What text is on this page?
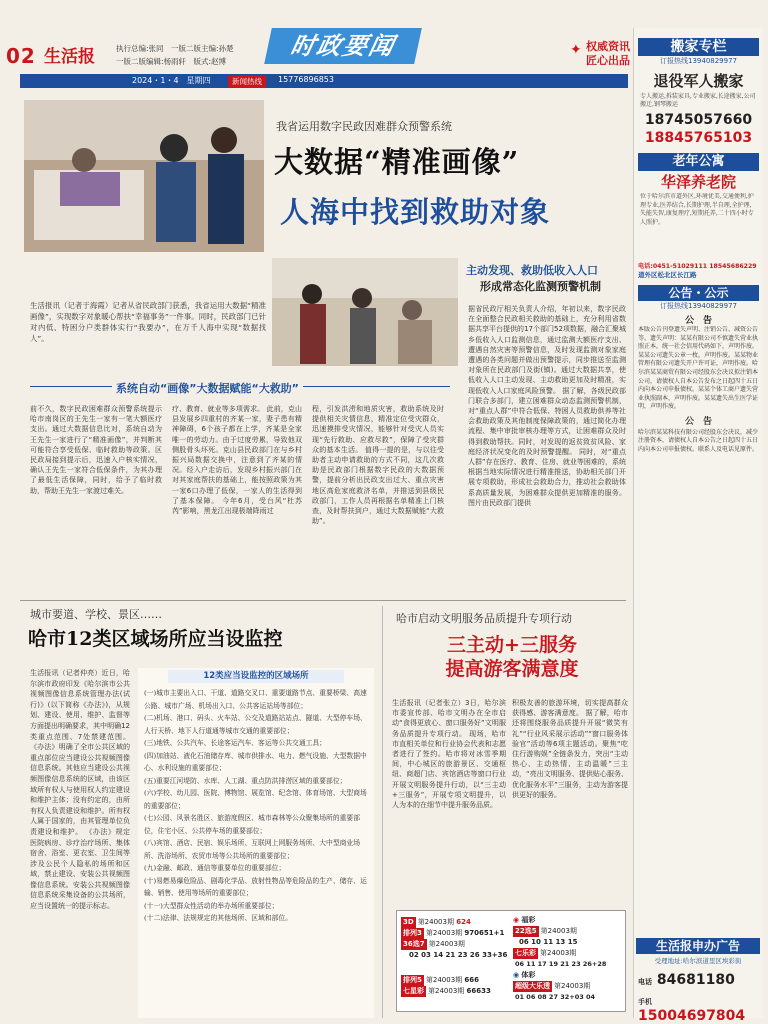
02 生活报	执行总编:张同　一版二版主编:孙楚
一版二版编辑:杨雨轩　版式:赵博
时政要闻	✦ 权威资讯
匠心出品
2024・1・4　星期四	新闻热线	15776896853
我省运用数字民政因难群众预警系统
大数据“精准画像”
人海中找到救助对象
主动发现、救助低收入人口
形成常态化监测预警机制
生活报讯（记者于海霞）记者从省民政部门获悉，我省运用大数据“精准画像”，实现数字对象暖心帮扶“幸福事务”一件事。同时，民政部门已针对内低、特困分户类群体实行“我要办”，在万千人海中实现“数据找人”。
系统自动“画像”大数据赋能“大救助”
前不久，数字民政困难群众预警系统提示哈市南岗区的王先生一家有一笔大额医疗支出。通过大数据信息比对，系统自动为王先生一家进行了“精准画像”，并判断其可能符合享受低保、临时救助等政策。区民政局接到提示后，迅速入户核实情况，确认王先生一家符合低保条件，为其办理了最低生活保障，同时，给予了临时救助，帮助王先生一家渡过难关。
疗、教育、就业等多项需求。 此前，克山县发展乡四重村的齐某一家，妻子患有精神障碍，6个孩子都在上学，齐某是全家唯一的劳动力。由于过度劳累，导致他双侧股骨头坏死。克山县民政部门在与乡村振兴局数据交换中，注意到了齐某的情况。经入户走访后，发现乡村振兴部门在对其家庭帮扶的基础上，能按照政策为其一家6口办理了低保，一家人的生活得到了基本保障。 今年6月，受台风“杜苏芮”影响，黑龙江出现极端降雨过
程，引发洪涝和地质灾害，救助系统及时提供相关灾情信息，精准定位受灾群众，迅速摸排受灾情况，能够针对受灾人员实现“先行救助、应救尽救”，保障了受灾群众的基本生活。 值得一提的是，与以往受助者主动申请救助的方式不同，这几次救助是民政部门根据数字民政的大数据预警，提前分析出民政支出过大、重点灾害地区高危家庭救济名单，并推送到县级民政部门，工作人员再根据名单精准上门核查，及时帮扶到户，通过大数据赋能“大救助”。
据省民政厅相关负责人介绍，年初以来，数字民政在全面整合民政相关救助的基础上，充分利用省数据共享平台提供的17个部门52项数据，融合汇聚城乡低收入人口监测信息，通过监测大额医疗支出、遭遇自然灾害等预警信息，及时发现监测对象家庭遭遇的各类问题并做出预警提示，同步推送至监测对象所在民政部门及街(镇)。通过大数据共享，使低收入人口主动发现、主动救助更加及时精准，实现低收入人口家庭风险预警。 据了解，各级民政部门联合多部门，建立困难群众动态监测预警机制，对“重点人群”中符合低保、特困人员救助供养等社会救助政策及其他制度保障政策的，通过简化办理流程、集中审批审核办理等方式，让困难群众及时得到救助帮扶。同时，对发现的返贫致贫风险、家庭经济状况变化的及时预警提醒。 同时，对“重点人群”存在医疗、教育、住房、就业等困难的，系统根据当地实际情况进行精准推送，协助相关部门开展专项救助，形成社会救助合力，推动社会救助体系高质量发展，为困难群众提供更加精准的服务。 图片由民政部门提供
城市要道、学校、景区……
哈市12类区域场所应当设监控
生活报讯（记者仲亮）近日，哈尔滨市政府印发《哈尔滨市公共视频图像信息系统管理办法(试行)》(以下简称《办法》)，从规划、建设、使用、维护、监督等方面提出明确要求，其中明确12类重点范围、7处禁建范围。 《办法》明确了全市公共区域的重点部位应当建设公共视频图像信息系统。其他应当建设公共视频图像信息系统的区域，由该区域所有权人与使用权人约定建设和维护主体；没有约定的，由所有权人负责建设和维护。所有权人属于国家的，由其管理单位负责建设和维护。 《办法》规定医院病房、诊疗治疗场所、集体宿舍、浴室、更衣室、卫生间等涉及公民个人隐私的场所和区域，禁止建设、安装公共视频图像信息系统。安装公共视频图像信息系统采集设备的公共场所，应当设置统一的提示标志。
12类应当设监控的区域场所
(一)城市主要出入口、干道、道路交叉口、重要道路节点、重要桥梁、高速公路、城市广场、机场出入口、公共客运站场等部位；
(二)机场、港口、码头、火车站、公交及道路站站点、隧道、大型停车场、人行天桥、地下人行道通等城市交通的重要部位；
(三)地铁、公共汽车、长途客运汽车、客运等公共交通工具；
(四)加油站、液化石油储存库、城市供排水、电力、燃气设施、大型数据中心、水利设施的重要部位；
(五)重要江河堤防、水库、人工湖、重点防洪排涝区域的重要部位；
(六)学校、幼儿园、医院、博物馆、展览馆、纪念馆、体育场馆、大型商场的重要部位；
(七)公园、风景名胜区、旅游度假区、城市森林等公众聚集场所的重要部位，住宅小区、公共停车场的重要部位；
(八)宾馆、酒店、民宿、娱乐场所、互联网上网服务场所、大中型商业场所、洗浴场所、农贸市场等公共场所的重要部位；
(九)金融、邮政、通信等重要单位的重要部位；
(十)易燃易爆危险品、剧毒化学品、放射性物品等危险品的生产、储存、运输、销售、使用等场所的重要部位；
(十一)大型群众性活动的举办场所重要部位；
(十二)法律、法规规定的其他场所、区域和部位。
哈市启动文明服务品质提升专项行动
三主动+三服务
提高游客满意度
生活报讯（记者张立）3日，哈尔滨市委宣传部、哈市文明办在全市启动“食得更放心、窗口服务好”文明服务品质提升专项行动。 现场，哈市市直相关单位和行业协会代表和志愿者进行了签约。哈市将对冰雪季期间，中心城区的旅游景区、交通枢纽、商超门店、宾馆酒店等窗口行业开展文明服务提升行动，以“三主动+三服务”，开展专项文明提升，以人为本的在细节中提升服务品质。
积极友善的旅游环境，切实提高群众获得感、游客满意度。 据了解，哈市还将围绕服务品质提升开展“微笑有礼”“行业风采展示活动”“窗口服务体验官”活动等6项主题活动。聚焦“吃住行游购娱”全链条发力，突出“主动热心、主动热情、主动温暖”三主动，“亮出文明服务、提供贴心服务、优化服务水平”三服务，主动为游客提供更好的服务。
3D 第24003期 624
排列3 第24003期 970651+1
36选7 第24003期
02 03 14 21 23 26 33+36
排列5 第24003期 666
七星彩 第24003期 66633
◉ 福彩
22选5 第24003期
06 10 11 13 15
七乐彩 第24003期
06 11 17 19 21 23 26+28
◉ 体彩
超级大乐透 第24003期
01 06 08 27 32+03 04
搬家专栏
订报热线13940829977
退役军人搬家
专人搬运,拆装家具,专业搬家,长途搬家,公司搬迁,钢琴搬运
18745057660
18845765103
老年公寓
华泽养老院
位于哈尔滨市道外区,环境优美,交通便利,护理专业,医养结合,长期护理,半自理,全护理,失能失智,康复理疗,短期托养,二十四小时专人照护。
电话:0451-51029111 18545686229
道外区松北区长江路
公告・公示
订报热线13940829977
公　告
本版公告刊登遗失声明、注销公告、减资公告等。遗失声明：某某有限公司不慎遗失营业执照正本，统一社会信用代码如下，声明作废。某某公司遗失公章一枚，声明作废。某某物业管理有限公司遗失开户许可证，声明作废。哈尔滨某某商贸有限公司经股东会决议拟注销本公司，请债权人自本公告发布之日起四十五日内向本公司申报债权。某某个体工商户遗失营业执照副本，声明作废。某某遗失出生医学证明，声明作废。
公　告
哈尔滨某某科技有限公司经股东会决议，减少注册资本，请债权人自本公告之日起四十五日内向本公司申报债权。联系人及电话见原件。
生活报申办广告
受理地址:哈尔滨道里区埃彩街
电话 84681180
手机 15004697804
